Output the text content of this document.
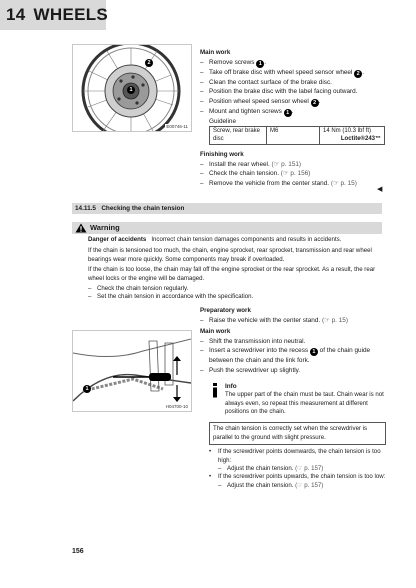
14 WHEELS
2
1
E00746-11
Main work
– Remove screws 1 .
– Take off brake disc with wheel speed sensor wheel 2 .
– Clean the contact surface of the brake disc.
– Position the brake disc with the label facing outward.
– Position wheel speed sensor wheel 2 .
– Mount and tighten screws 1 .
Guideline
Screw, rear brake disc	M6	14 Nm (10.3 lbf ft)
Loctite®243™
Finishing work
– Install the rear wheel. (☞ p. 151)
– Check the chain tension. (☞ p. 156)
– Remove the vehicle from the center stand. (☞ p. 15)
◀
14.11.5 Checking the chain tension
Warning
Danger of accidents Incorrect chain tension damages components and results in accidents.
If the chain is tensioned too much, the chain, engine sprocket, rear sprocket, transmission and rear wheel bearings wear more quickly. Some components may break if overloaded.
If the chain is too loose, the chain may fall off the engine sprocket or the rear sprocket. As a result, the rear wheel locks or the engine will be damaged.
– Check the chain tension regularly.
– Set the chain tension in accordance with the specification.
1
H04700-10
Preparatory work
– Raise the vehicle with the center stand. (☞ p. 15)
Main work
– Shift the transmission into neutral.
– Insert a screwdriver into the recess 1 of the chain guide between the chain and the link fork.
– Push the screwdriver up slightly.
Info
The upper part of the chain must be taut. Chain wear is not always even, so repeat this measurement at different positions on the chain.
The chain tension is correctly set when the screwdriver is parallel to the ground with slight pressure.
•	If the screwdriver points downwards, the chain tension is too high:
– Adjust the chain tension. (☞ p. 157)
•	If the screwdriver points upwards, the chain tension is too low:
– Adjust the chain tension. (☞ p. 157)
156
